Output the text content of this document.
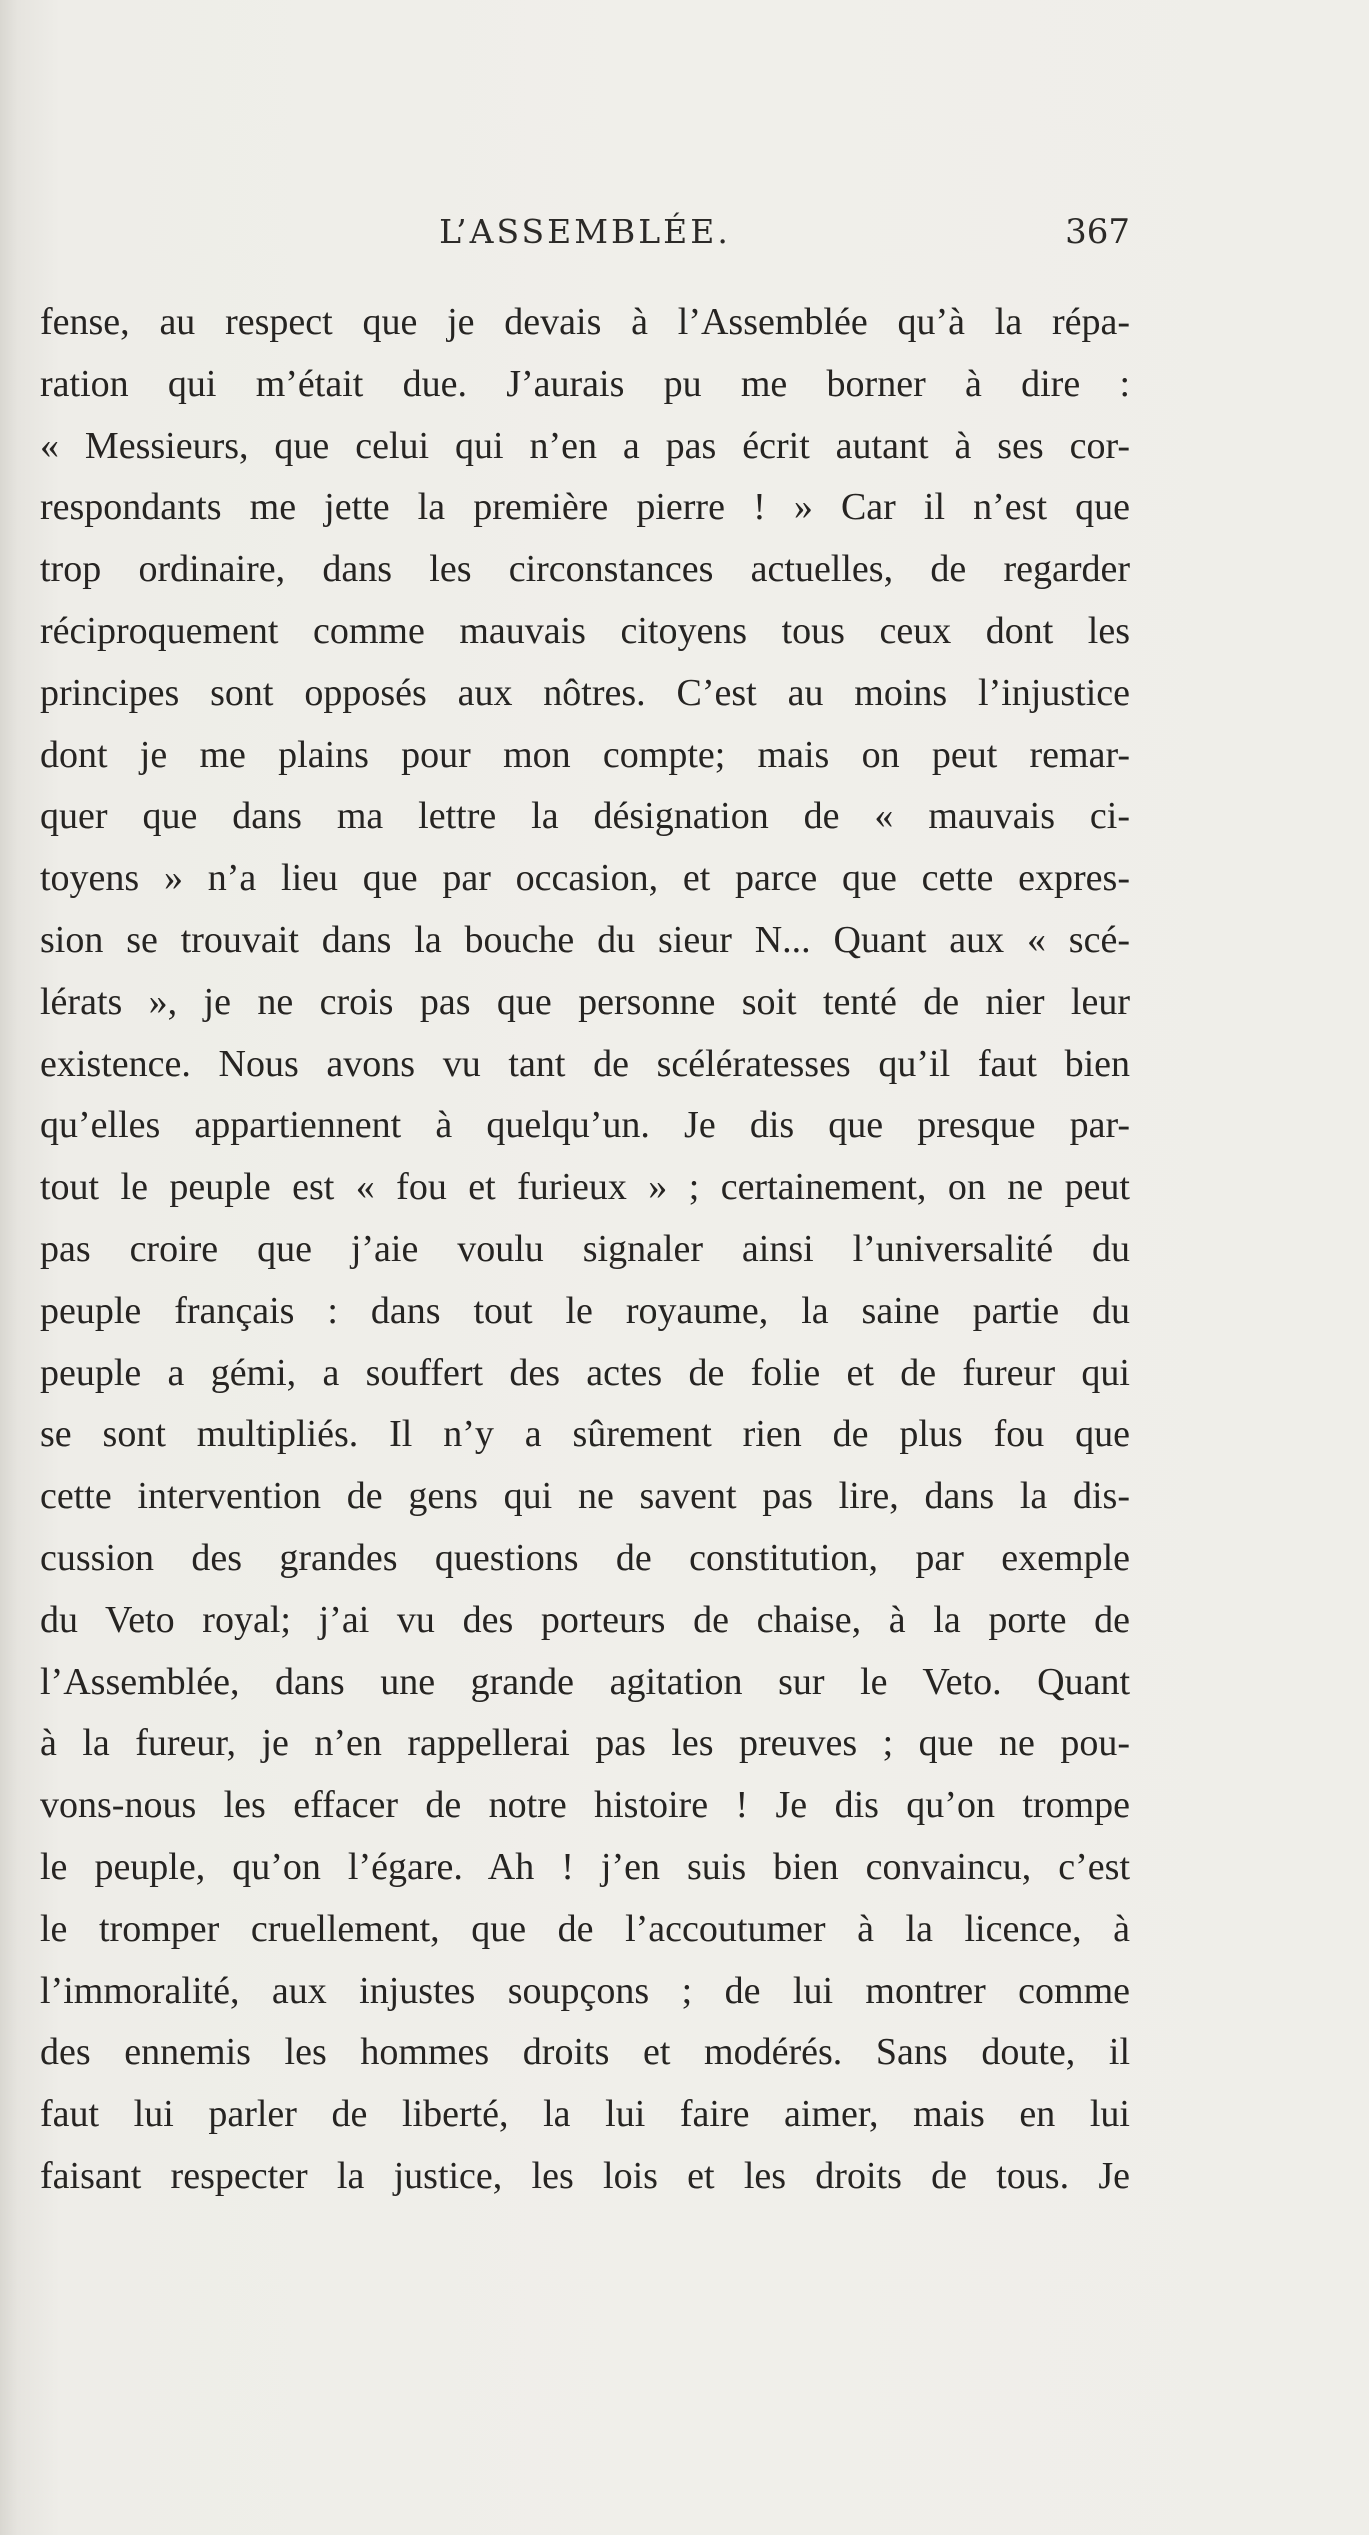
L’ASSEMBLÉE.	367
fense, au respect que je devais à l’Assemblée qu’à la répa-
ration qui m’était due. J’aurais pu me borner à dire :
« Messieurs, que celui qui n’en a pas écrit autant à ses cor-
respondants me jette la première pierre ! » Car il n’est que
trop ordinaire, dans les circonstances actuelles, de regarder
réciproquement comme mauvais citoyens tous ceux dont les
principes sont opposés aux nôtres. C’est au moins l’injustice
dont je me plains pour mon compte; mais on peut remar-
quer que dans ma lettre la désignation de « mauvais ci-
toyens » n’a lieu que par occasion, et parce que cette expres-
sion se trouvait dans la bouche du sieur N... Quant aux « scé-
lérats », je ne crois pas que personne soit tenté de nier leur
existence. Nous avons vu tant de scélératesses qu’il faut bien
qu’elles appartiennent à quelqu’un. Je dis que presque par-
tout le peuple est « fou et furieux » ; certainement, on ne peut
pas croire que j’aie voulu signaler ainsi l’universalité du
peuple français : dans tout le royaume, la saine partie du
peuple a gémi, a souffert des actes de folie et de fureur qui
se sont multipliés. Il n’y a sûrement rien de plus fou que
cette intervention de gens qui ne savent pas lire, dans la dis-
cussion des grandes questions de constitution, par exemple
du Veto royal; j’ai vu des porteurs de chaise, à la porte de
l’Assemblée, dans une grande agitation sur le Veto. Quant
à la fureur, je n’en rappellerai pas les preuves ; que ne pou-
vons-nous les effacer de notre histoire ! Je dis qu’on trompe
le peuple, qu’on l’égare. Ah ! j’en suis bien convaincu, c’est
le tromper cruellement, que de l’accoutumer à la licence, à
l’immoralité, aux injustes soupçons ; de lui montrer comme
des ennemis les hommes droits et modérés. Sans doute, il
faut lui parler de liberté, la lui faire aimer, mais en lui
faisant respecter la justice, les lois et les droits de tous. Je
